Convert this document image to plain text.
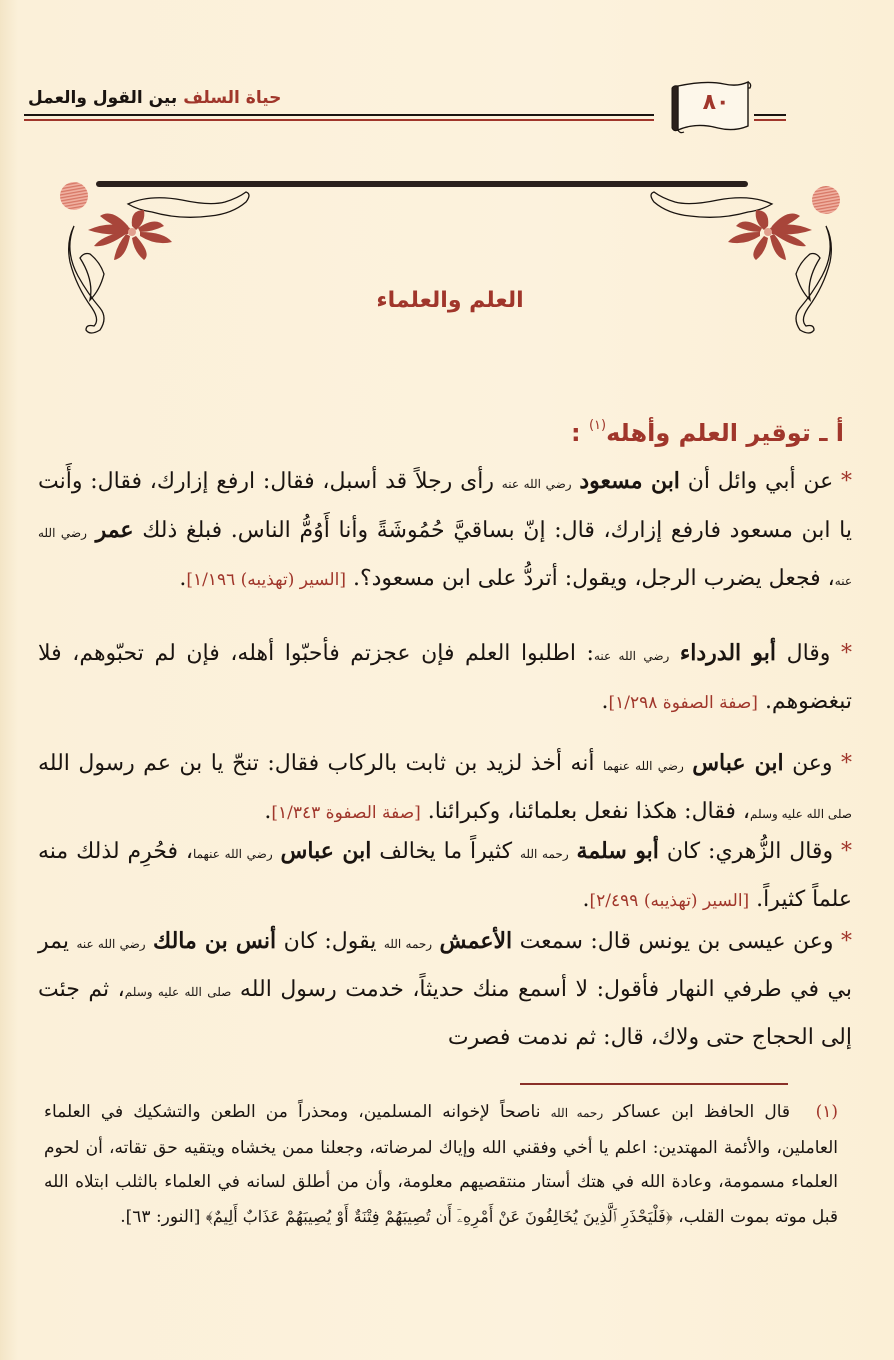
حياة السلف بين القول والعمل	٨٠
العلم والعلماء
أ ـ توقير العلم وأهله$^{(١)}$ :

* عن أبي وائل أن ابن مسعود رضي الله عنه رأى رجلاً قد أسبل، فقال: ارفع إزارك، فقال: وأَنت يا ابن مسعود فارفع إزارك، قال: إنّ بساقيَّ حُمُوشَةً وأنا أَوُمُّ الناس. فبلغ ذلك عمر رضي الله عنه، فجعل يضرب الرجل، ويقول: أتردُّ على ابن مسعود؟. [السير (تهذيبه) ١/١٩٦].

* وقال أبو الدرداء رضي الله عنه: اطلبوا العلم فإن عجزتم فأحبّوا أهله، فإن لم تحبّوهم، فلا تبغضوهم. [صفة الصفوة ١/٢٩٨].

* وعن ابن عباس رضي الله عنهما أنه أخذ لزيد بن ثابت بالركاب فقال: تنحّ يا بن عم رسول الله صلى الله عليه وسلم، فقال: هكذا نفعل بعلمائنا، وكبرائنا. [صفة الصفوة ١/٣٤٣].

* وقال الزُّهري: كان أبو سلمة رحمه الله كثيراً ما يخالف ابن عباس رضي الله عنهما، فحُرِم لذلك منه علماً كثيراً. [السير (تهذيبه) ٢/٤٩٩].

* وعن عيسى بن يونس قال: سمعت الأعمش رحمه الله يقول: كان أنس بن مالك رضي الله عنه يمر بي في طرفي النهار فأقول: لا أسمع منك حديثاً، خدمت رسول الله صلى الله عليه وسلم، ثم جئت إلى الحجاج حتى ولاك، قال: ثم ندمت فصرت

(١)قال الحافظ ابن عساكر رحمه الله ناصحاً لإخوانه المسلمين، ومحذراً من الطعن والتشكيك في العلماء العاملين، والأئمة المهتدين: اعلم يا أخي وفقني الله وإياك لمرضاته، وجعلنا ممن يخشاه ويتقيه حق تقاته، أن لحوم العلماء مسمومة، وعادة الله في هتك أستار منتقصيهم معلومة، وأن من أطلق لسانه في العلماء بالثلب ابتلاه الله قبل موته بموت القلب، ﴿فَلْيَحْذَرِ ٱلَّذِينَ يُخَالِفُونَ عَنْ أَمْرِهِۦٓ أَن تُصِيبَهُمْ فِتْنَةٌ أَوْ يُصِيبَهُمْ عَذَابٌ أَلِيمٌ﴾ [النور: ٦٣].
